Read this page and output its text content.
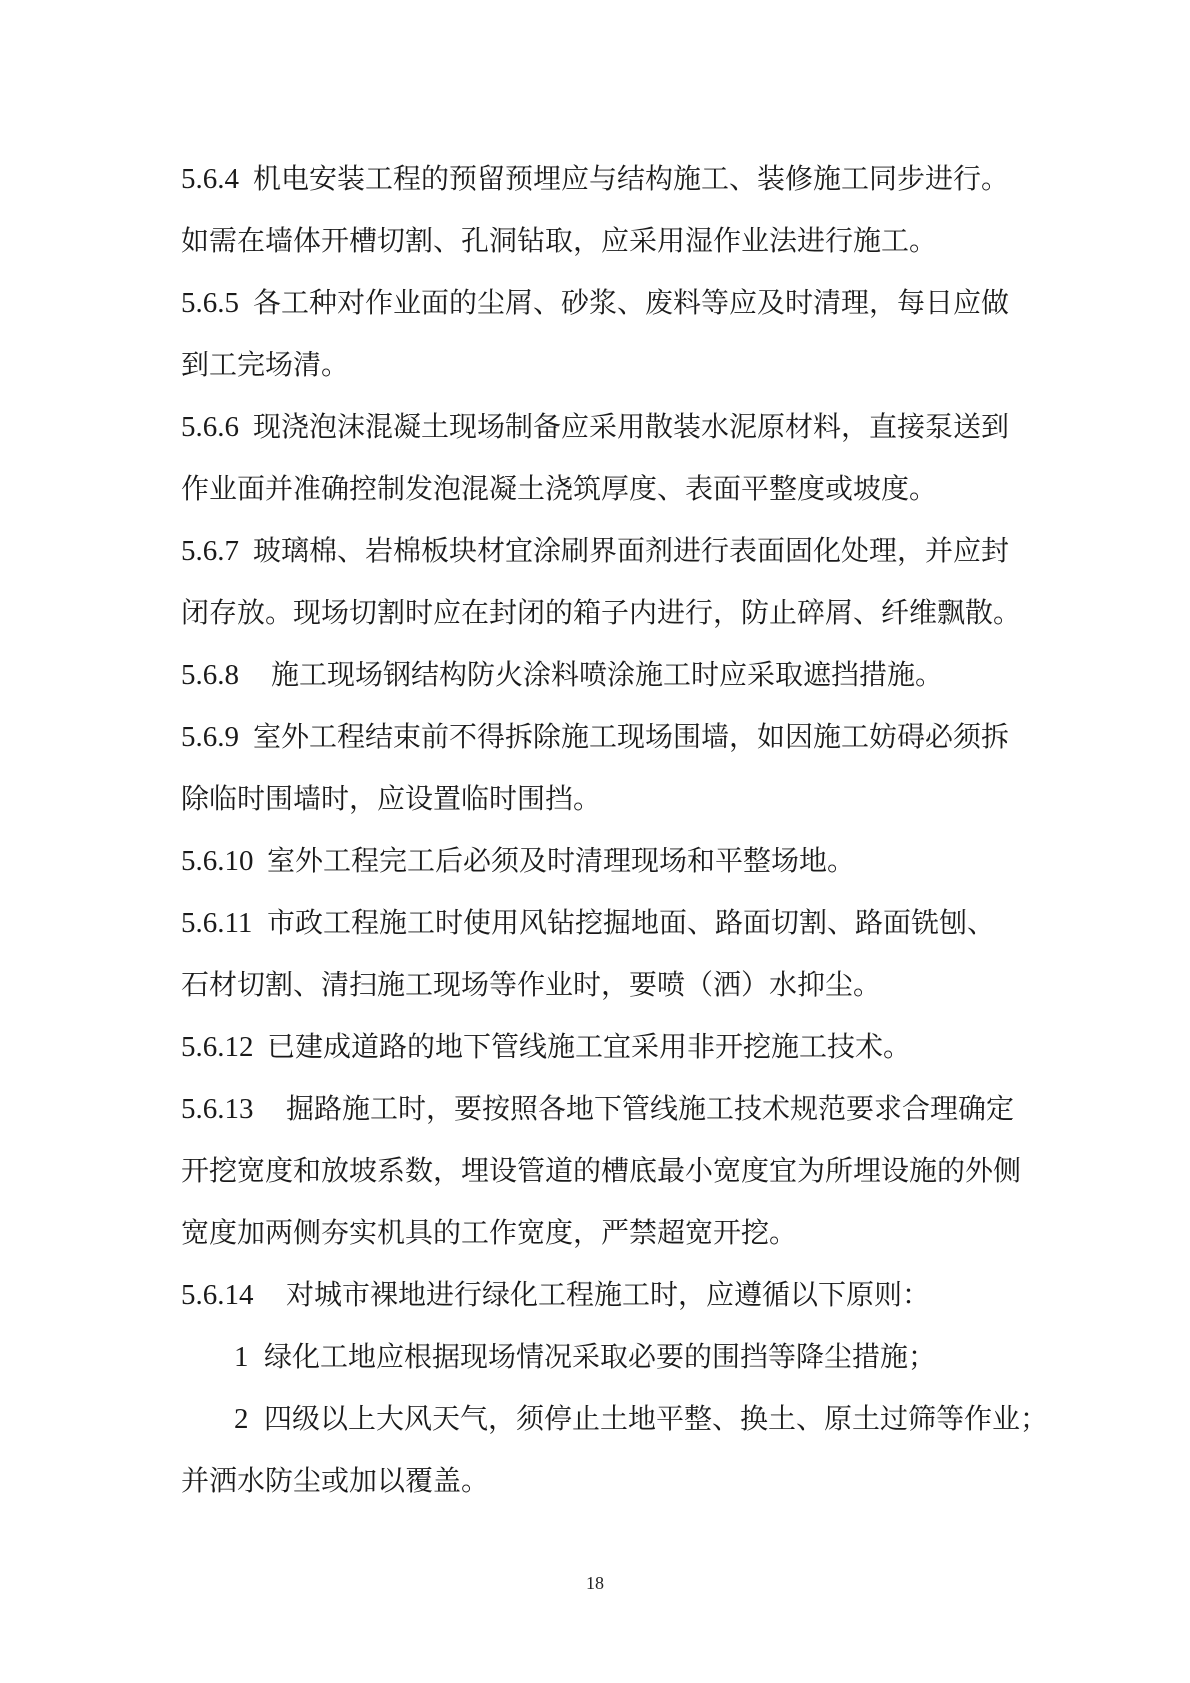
5.6.4 机电安装工程的预留预埋应与结构施工、装修施工同步进行。
如需在墙体开槽切割、孔洞钻取，应采用湿作业法进行施工。
5.6.5 各工种对作业面的尘屑、砂浆、废料等应及时清理，每日应做
到工完场清。
5.6.6 现浇泡沫混凝土现场制备应采用散装水泥原材料，直接泵送到
作业面并准确控制发泡混凝土浇筑厚度、表面平整度或坡度。
5.6.7 玻璃棉、岩棉板块材宜涂刷界面剂进行表面固化处理，并应封
闭存放。现场切割时应在封闭的箱子内进行，防止碎屑、纤维飘散。
5.6.8 施工现场钢结构防火涂料喷涂施工时应采取遮挡措施。
5.6.9 室外工程结束前不得拆除施工现场围墙，如因施工妨碍必须拆
除临时围墙时，应设置临时围挡。
5.6.10 室外工程完工后必须及时清理现场和平整场地。
5.6.11 市政工程施工时使用风钻挖掘地面、路面切割、路面铣刨、
石材切割、清扫施工现场等作业时，要喷（洒）水抑尘。
5.6.12 已建成道路的地下管线施工宜采用非开挖施工技术。
5.6.13 掘路施工时，要按照各地下管线施工技术规范要求合理确定
开挖宽度和放坡系数，埋设管道的槽底最小宽度宜为所埋设施的外侧
宽度加两侧夯实机具的工作宽度，严禁超宽开挖。
5.6.14 对城市裸地进行绿化工程施工时，应遵循以下原则：
1 绿化工地应根据现场情况采取必要的围挡等降尘措施；
2 四级以上大风天气，须停止土地平整、换土、原土过筛等作业；
并洒水防尘或加以覆盖。
18
